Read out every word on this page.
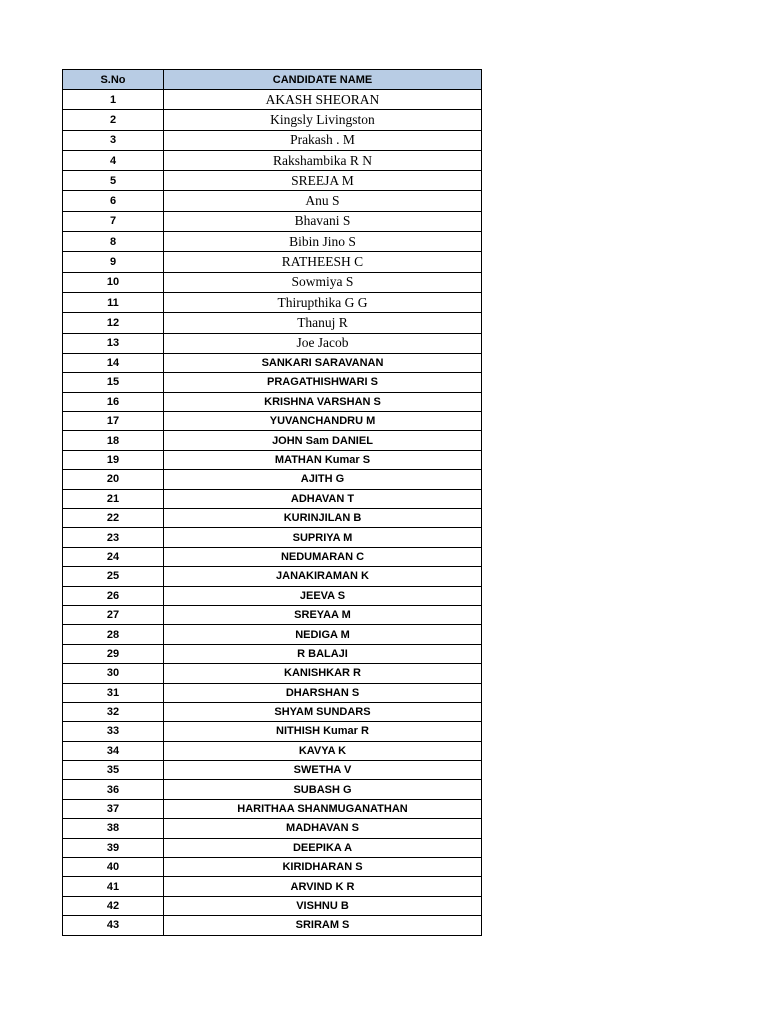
S.No	CANDIDATE NAME
1	AKASH SHEORAN
2	Kingsly Livingston
3	Prakash . M
4	Rakshambika R N
5	SREEJA M
6	Anu S
7	Bhavani S
8	Bibin Jino S
9	RATHEESH C
10	Sowmiya S
11	Thirupthika G G
12	Thanuj R
13	Joe Jacob
14	SANKARI SARAVANAN
15	PRAGATHISHWARI S
16	KRISHNA VARSHAN S
17	YUVANCHANDRU M
18	JOHN Sam DANIEL
19	MATHAN Kumar S
20	AJITH G
21	ADHAVAN T
22	KURINJILAN B
23	SUPRIYA M
24	NEDUMARAN C
25	JANAKIRAMAN K
26	JEEVA S
27	SREYAA M
28	NEDIGA M
29	R BALAJI
30	KANISHKAR R
31	DHARSHAN S
32	SHYAM SUNDARS
33	NITHISH Kumar R
34	KAVYA K
35	SWETHA V
36	SUBASH G
37	HARITHAA SHANMUGANATHAN
38	MADHAVAN S
39	DEEPIKA A
40	KIRIDHARAN S
41	ARVIND K R
42	VISHNU B
43	SRIRAM S
